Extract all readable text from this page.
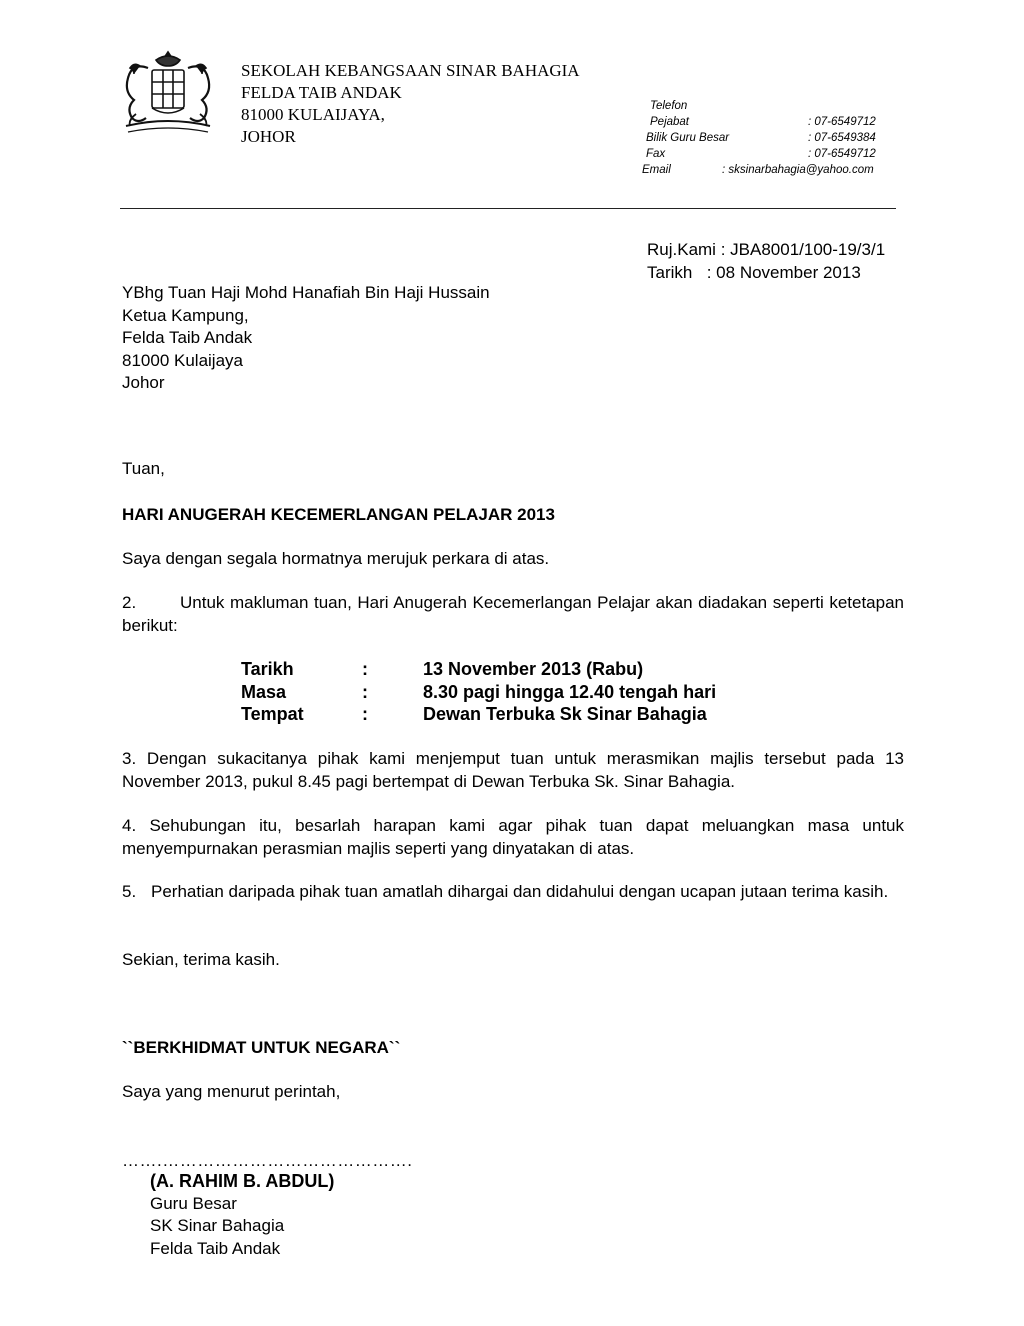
SEKOLAH KEBANGSAAN SINAR BAHAGIA
FELDA TAIB ANDAK
81000 KULAIJAYA,
JOHOR
Telefon
Pejabat	: 07-6549712
Bilik Guru Besar	: 07-6549384
Fax	: 07-6549712
Email	: sksinarbahagia@yahoo.com
Ruj.Kami : JBA8001/100-19/3/1
Tarikh : 08 November 2013
YBhg Tuan Haji Mohd Hanafiah Bin Haji Hussain
Ketua Kampung,
Felda Taib Andak
81000 Kulaijaya
Johor
Tuan,
HARI ANUGERAH KECEMERLANGAN PELAJAR 2013
Saya dengan segala hormatnya merujuk perkara di atas.
2.	Untuk makluman tuan, Hari Anugerah Kecemerlangan Pelajar akan diadakan seperti ketetapan berikut:
Tarikh	:	13 November 2013 (Rabu)
Masa	:	8.30 pagi hingga 12.40 tengah hari
Tempat	:	Dewan Terbuka Sk Sinar Bahagia
3. Dengan sukacitanya pihak kami menjemput tuan untuk merasmikan majlis tersebut pada 13 November 2013, pukul 8.45 pagi bertempat di Dewan Terbuka Sk. Sinar Bahagia.
4. Sehubungan itu, besarlah harapan kami agar pihak tuan dapat meluangkan masa untuk menyempurnakan perasmian majlis seperti yang dinyatakan di atas.
5. Perhatian daripada pihak tuan amatlah dihargai dan didahului dengan ucapan jutaan terima kasih.
Sekian, terima kasih.
``BERKHIDMAT UNTUK NEGARA``
Saya yang menurut perintah,
…….…………………………………….
(A. RAHIM B. ABDUL)
Guru Besar
SK Sinar Bahagia
Felda Taib Andak
